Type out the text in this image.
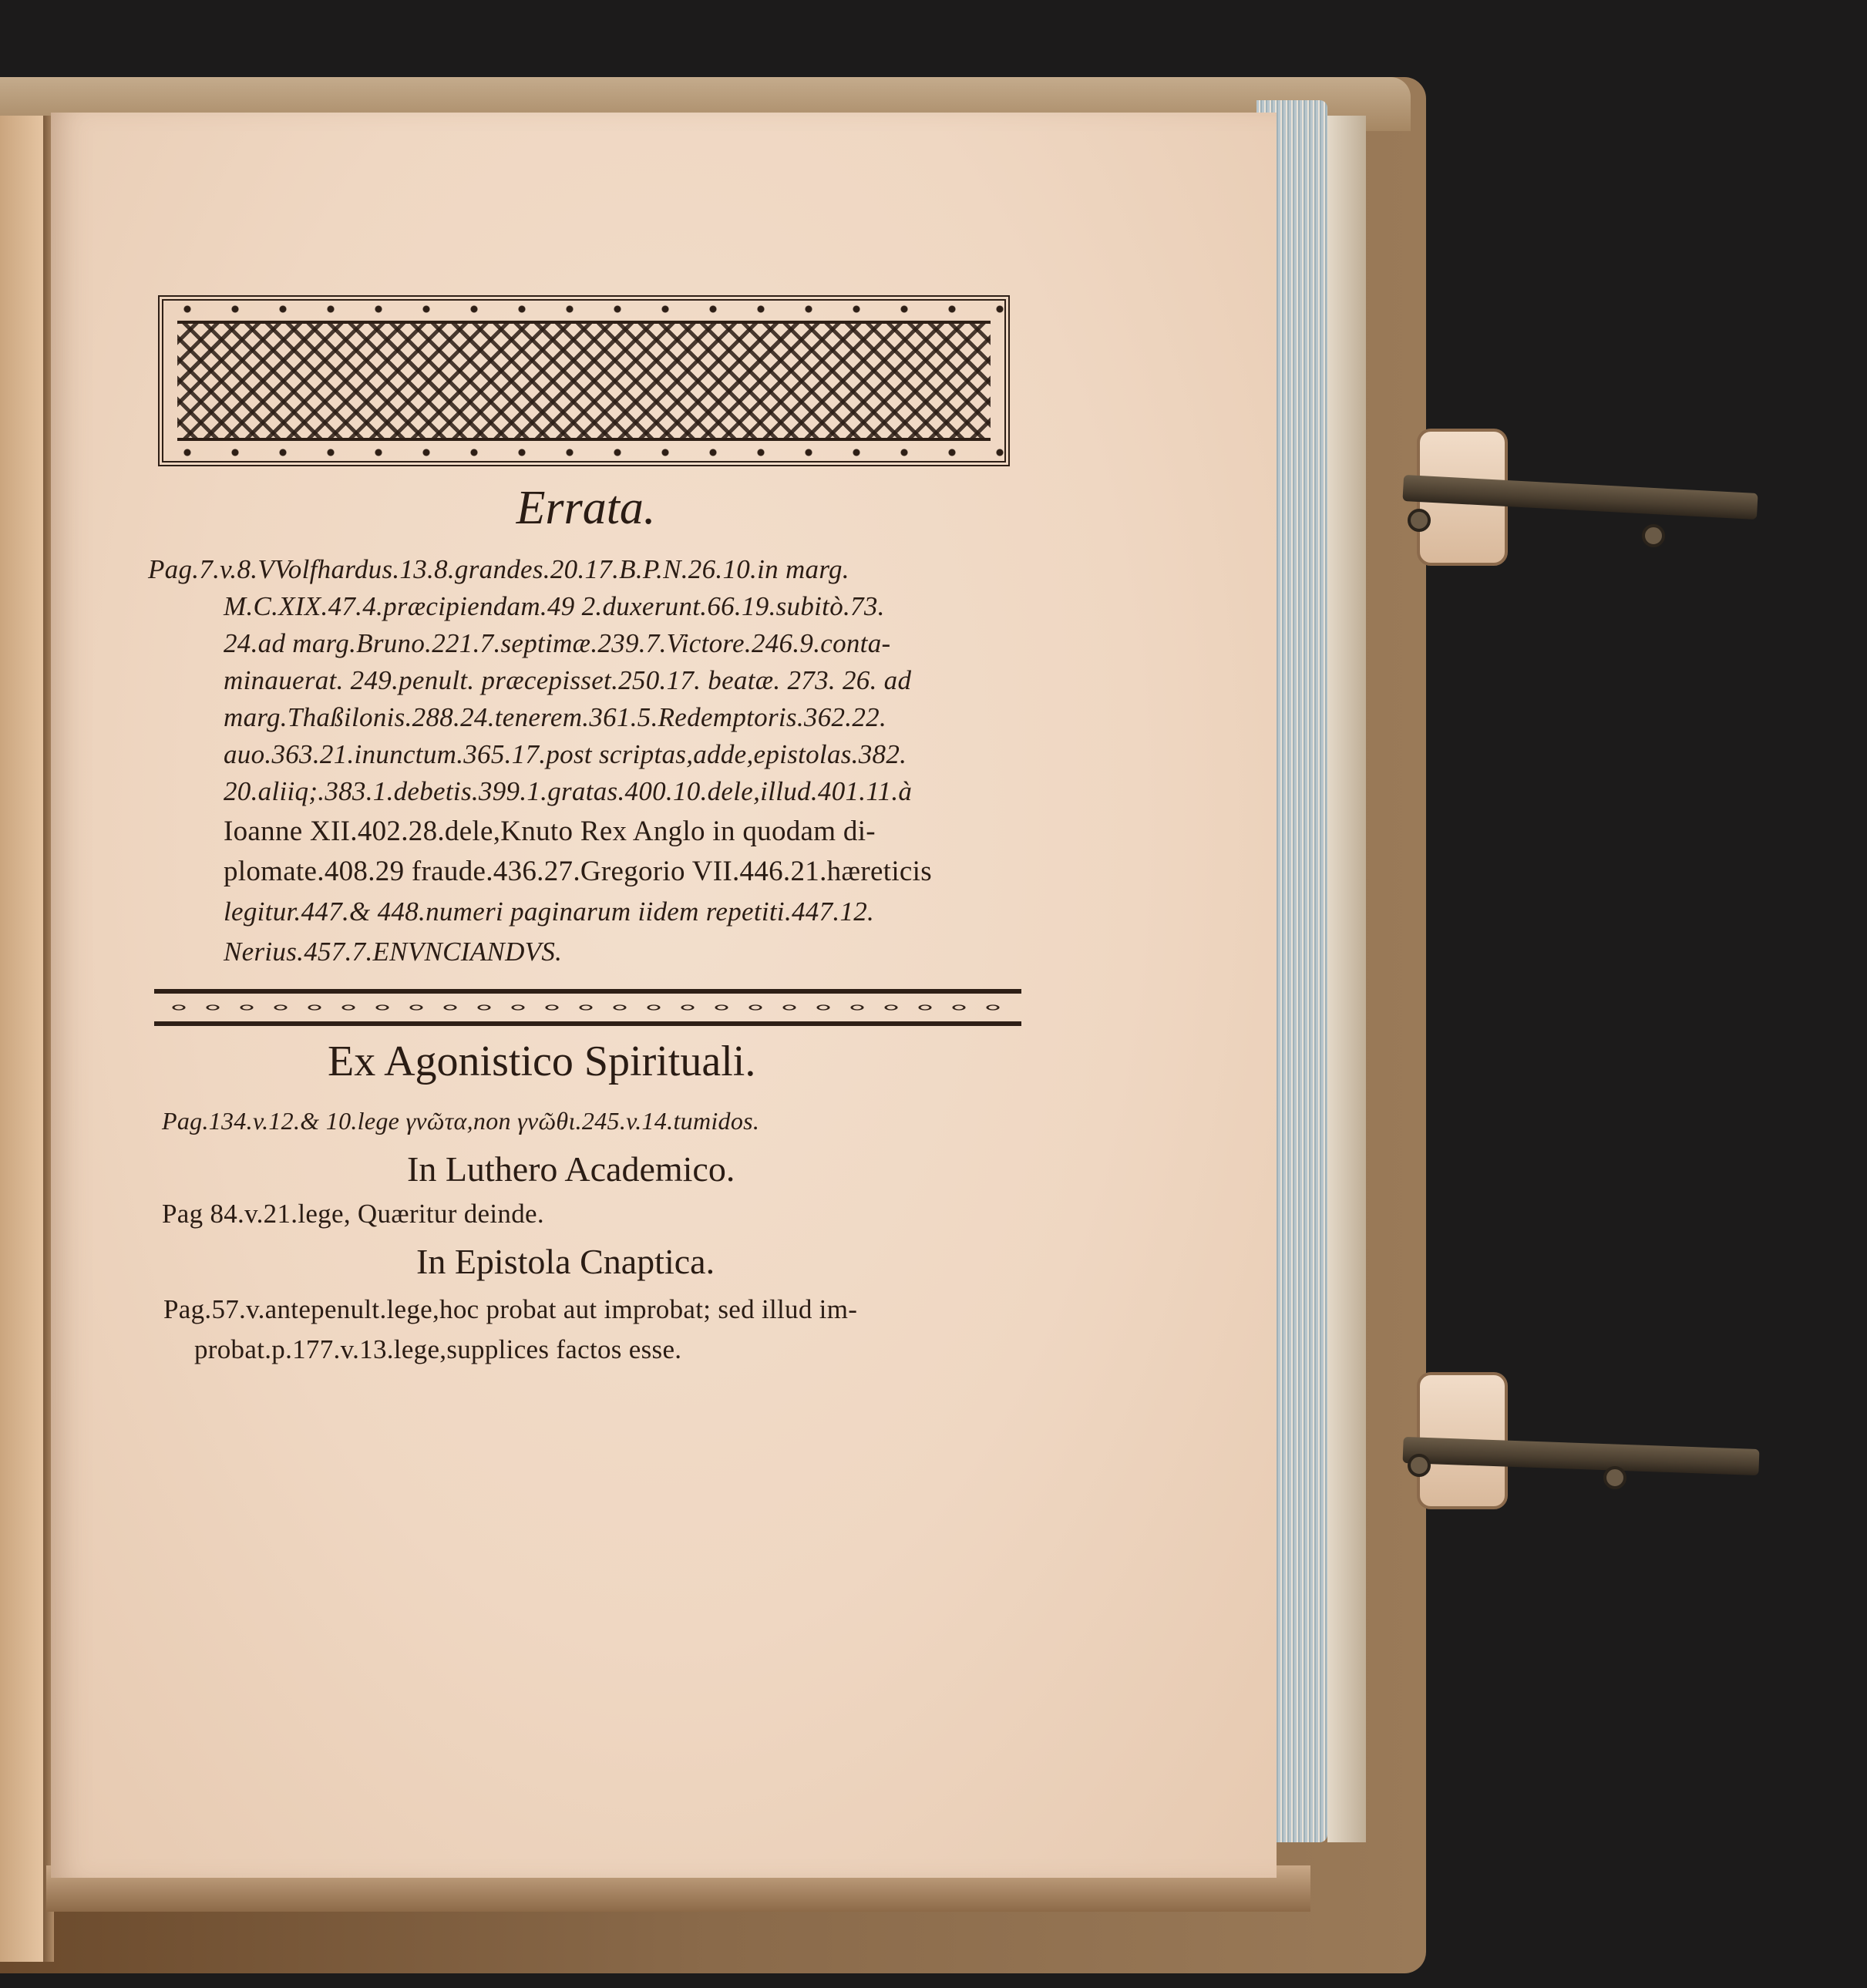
Errata.
Pag.7.v.8.VVolfhardus.13.8.grandes.20.17.B.P.N.26.10.in marg.
M.C.XIX.47.4.præcipiendam.49 2.duxerunt.66.19.subitò.73.
24.ad marg.Bruno.221.7.septimæ.239.7.Victore.246.9.conta-
minauerat. 249.penult. præcepisset.250.17. beatæ. 273. 26. ad
marg.Thaßilonis.288.24.tenerem.361.5.Redemptoris.362.22.
auo.363.21.inunctum.365.17.post scriptas,adde,epistolas.382.
20.aliiq;.383.1.debetis.399.1.gratas.400.10.dele,illud.401.11.à
Ioanne XII.402.28.dele,Knuto Rex Anglo in quodam di-
plomate.408.29 fraude.436.27.Gregorio VII.446.21.hæreticis
legitur.447.& 448.numeri paginarum iidem repetiti.447.12.
Nerius.457.7.ENVNCIANDVS.
Ex Agonistico Spirituali.
Pag.134.v.12.& 10.lege γνῶτα,non γνῶθι.245.v.14.tumidos.
In Luthero Academico.
Pag 84.v.21.lege, Quæritur deinde.
In Epistola Cnaptica.
Pag.57.v.antepenult.lege,hoc probat aut improbat; sed illud im-
probat.p.177.v.13.lege,supplices factos esse.
